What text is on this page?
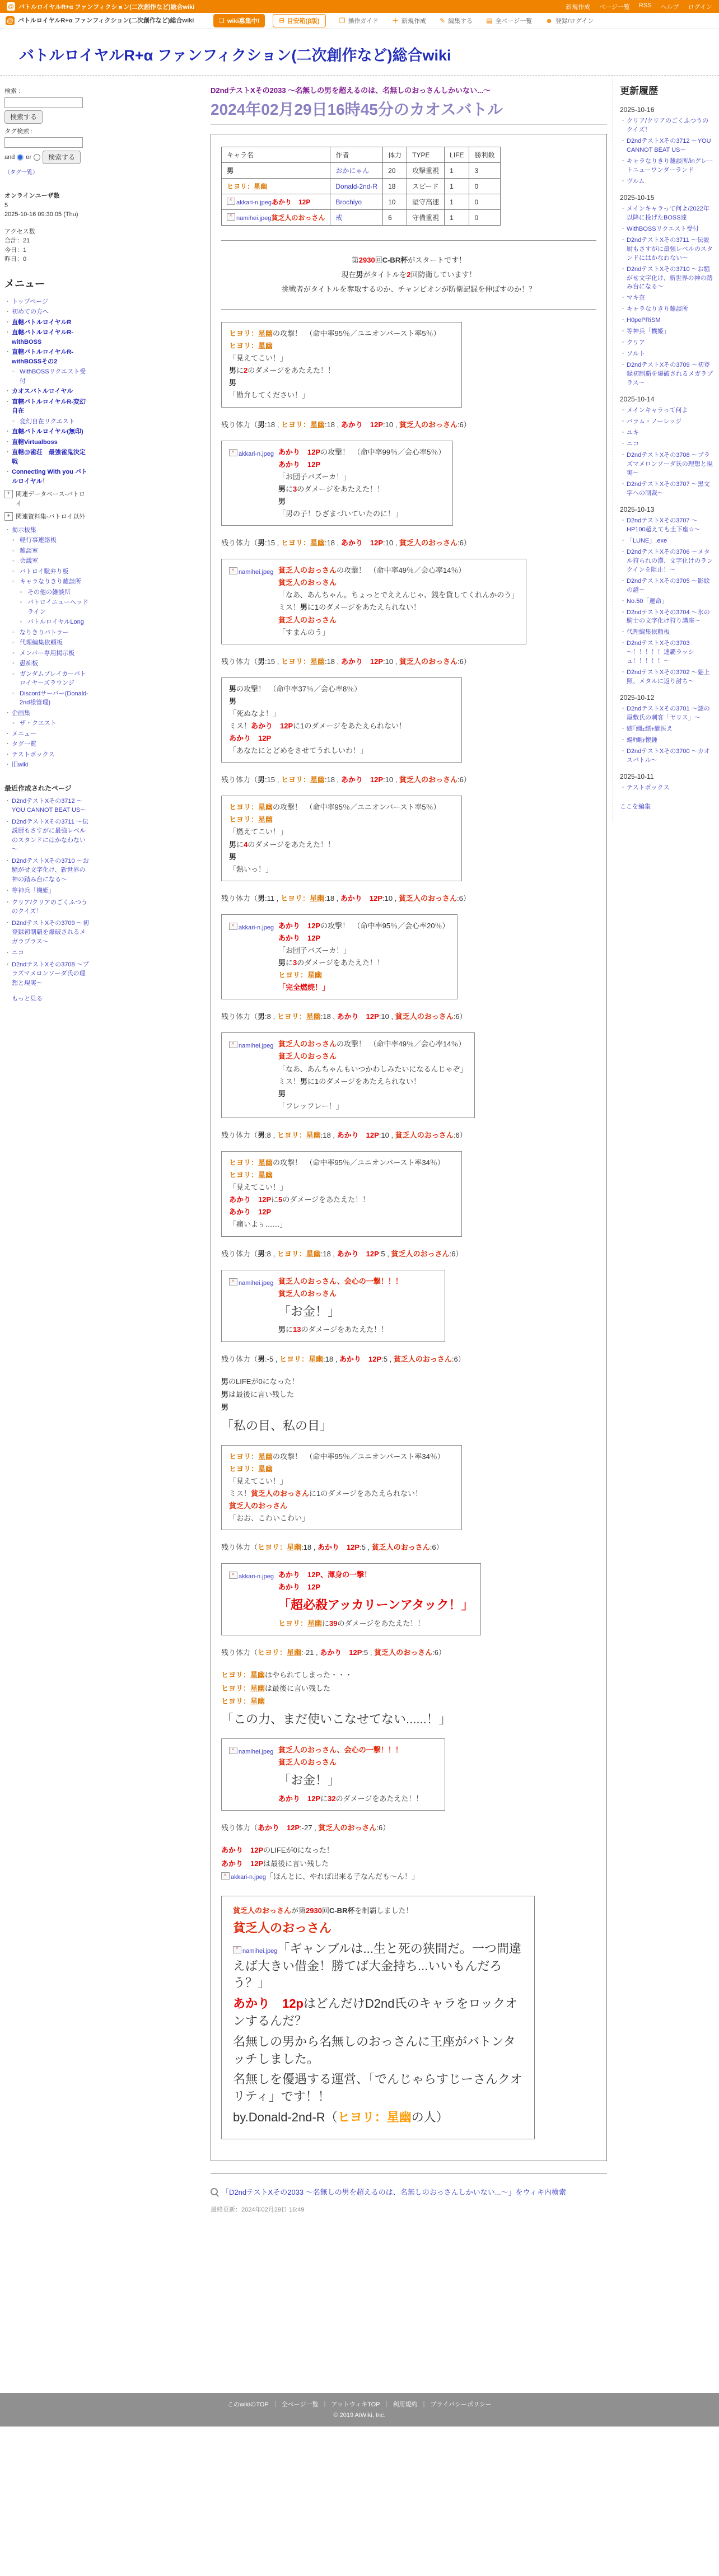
@ バトルロイヤルR+α ファンフィクション(二次創作など)総合wiki	新規作成 ページ一覧 RSS ヘルプ ログイン
@ バトルロイヤルR+α ファンフィクション(二次創作など)総合wiki	❏ wiki募集中!	⊟ 目安箱(β版)	❐ 操作ガイド ＋ 新規作成 ✎ 編集する ▤ 全ページ一覧 ☻ 登録/ログイン
バトルロイヤルR+α ファンフィクション(二次創作など)総合wiki
検索 :
検索する
タグ検索 :
and or	検索する
（タグ一覧）
オンラインユーザ数
5
2025-10-16 09:30:05 (Thu)
アクセス数
合計：21
今日：1
昨日：0
メニュー
・ トップページ
・ 初めての方へ
・ 直轄バトルロイヤルR
・ 直轄バトルロイヤルR-withBOSS
・ 直轄バトルロイヤルR-withBOSSその2
◦ WithBOSSリクエスト受付
・ カオスバトルロイヤル
・ 直轄バトルロイヤルR-変幻自在
◦ 変幻自在リクエスト
・ 直轄バトルロイヤル(無印)
・ 直轄Virtualboss
・ 直轄@雀荘　最強雀鬼決定戦
・ Connecting With you バトルロイヤル！
+ 関連データベース-バトロイ
+ 関連資料集-バトロイ以外
・ 掲示板集
◦ 軽行事連絡板
◦ 雑談室
◦ 会議室
◦ バトロイ駄弁り板
◦ キャラなりきり雑談所
▪ その他の雑談所
▪ バトロイニューヘッドライン
▪ バトルロイヤルLong
◦ なりきりバトラー
◦ 代理編集依頼板
◦ メンバー専用掲示板
◦ 愚痴板
◦ ガンダムブレイカーバトロイヤーズラウンジ
◦ Discordサーバー(Donald-2nd様管理)
・ 企画集
◦ ザ・クエスト
・ メニュー
・ タグ一覧
・ テストボックス
・ 旧wiki
最近作成されたページ
・ D2ndテストXその3712 ～YOU CANNOT BEAT US～
・ D2ndテストXその3711 ～伝説厨もさすがに最強レベルのスタンドにはかなわない～
・ D2ndテストXその3710 ～お騒がせ文字化け、新世界の神の踏み台になる～
・ 等神兵「機姫」
・ クリア/クリアのごくふつうのクイズ！
・ D2ndテストXその3709 ～初登録初制覇を爆破されるメガラプラス～
・ ニコ
・ D2ndテストXその3708 ～プラズマメロンソーダ氏の理想と現実～
もっと見る
D2ndテストXその2033 ～名無しの男を超えるのは、名無しのおっさんしかいない...～
2024年02月29日16時45分のカオスバトル
キャラ名	作者	体力	TYPE	LIFE	勝利数
男	おかにゃん	20	攻撃重視	1	3
ヒヨリ：星幽	Donald-2nd-R	18	スピード	1	0
✕akkari-n.jpegあかり　12P	Brochiyo	10	堅守高速	1	0
✕namihei.jpeg貧乏人のおっさん	戒	6	守備重視	1	0
第2930回C-BR杯がスタートです！
現在男がタイトルを2回防衛しています！
挑戦者がタイトルを奪取するのか、チャンピオンが防衛記録を伸ばすのか！？
ヒヨリ：星幽の攻撃！　（命中率95％／ユニオンバースト率5％）
ヒヨリ：星幽
「見えてこい！」
男に2のダメージをあたえた！！
男
「勘弁してください！」
残り体力（男:18 , ヒヨリ：星幽:18 , あかり　12P:10 , 貧乏人のおっさん:6）
✕akkari-n.jpeg あかり　12Pの攻撃！　（命中率99％／会心率5％）
あかり　12P
「お団子バズーカ！」
男に3のダメージをあたえた！！
男
「男の子！ひざまづいていたのに！」
残り体力（男:15 , ヒヨリ：星幽:18 , あかり　12P:10 , 貧乏人のおっさん:6）
✕namihei.jpeg 貧乏人のおっさんの攻撃！　（命中率49％／会心率14％）
貧乏人のおっさん
「なあ、あんちゃん。ちょっとでええんじゃ、銭を貸してくれんかのう」
ミス！男に1のダメージをあたえられない！
貧乏人のおっさん
「すまんのう」
残り体力（男:15 , ヒヨリ：星幽:18 , あかり　12P:10 , 貧乏人のおっさん:6）
男の攻撃！　（命中率37％／会心率8％）
男
「死ぬなよ！」
ミス！あかり　12Pに1のダメージをあたえられない！
あかり　12P
「あなたにとどめをさせてうれしいわ！」
残り体力（男:15 , ヒヨリ：星幽:18 , あかり　12P:10 , 貧乏人のおっさん:6）
ヒヨリ：星幽の攻撃！　（命中率95％／ユニオンバースト率5％）
ヒヨリ：星幽
「燃えてこい！」
男に4のダメージをあたえた！！
男
「熱いっ！」
残り体力（男:11 , ヒヨリ：星幽:18 , あかり　12P:10 , 貧乏人のおっさん:6）
✕akkari-n.jpeg あかり　12Pの攻撃！　（命中率95％／会心率20％）
あかり　12P
「お団子バズーカ！」
男に3のダメージをあたえた！！
ヒヨリ：星幽
「完全燃焼！」
残り体力（男:8 , ヒヨリ：星幽:18 , あかり　12P:10 , 貧乏人のおっさん:6）
✕namihei.jpeg 貧乏人のおっさんの攻撃！　（命中率49％／会心率14％）
貧乏人のおっさん
「なあ、あんちゃんもいつかわしみたいになるんじゃぞ」
ミス！男に1のダメージをあたえられない！
男
「フレッフレー！」
残り体力（男:8 , ヒヨリ：星幽:18 , あかり　12P:10 , 貧乏人のおっさん:6）
ヒヨリ：星幽の攻撃！　（命中率95％／ユニオンバースト率34％）
ヒヨリ：星幽
「見えてこい！」
あかり　12Pに5のダメージをあたえた！！
あかり　12P
「痛いよぅ……」
残り体力（男:8 , ヒヨリ：星幽:18 , あかり　12P:5 , 貧乏人のおっさん:6）
✕namihei.jpeg 貧乏人のおっさん、会心の一撃！！！
貧乏人のおっさん
「お金！」
男に13のダメージをあたえた！！
残り体力（男:-5 , ヒヨリ：星幽:18 , あかり　12P:5 , 貧乏人のおっさん:6）
男のLIFEが0になった！
男は最後に言い残した
男
「私の目、私の目」
ヒヨリ：星幽の攻撃！　（命中率95％／ユニオンバースト率34％）
ヒヨリ：星幽
「見えてこい！」
ミス！貧乏人のおっさんに1のダメージをあたえられない！
貧乏人のおっさん
「おお、こわいこわい」
残り体力（ヒヨリ：星幽:18 , あかり　12P:5 , 貧乏人のおっさん:6）
✕akkari-n.jpeg あかり　12P、渾身の一撃！
あかり　12P
「超必殺アッカリーンアタック！」
ヒヨリ：星幽に39のダメージをあたえた！！
残り体力（ヒヨリ：星幽:-21 , あかり　12P:5 , 貧乏人のおっさん:6）
ヒヨリ：星幽はやられてしまった・・・
ヒヨリ：星幽は最後に言い残した
ヒヨリ：星幽
「この力、まだ使いこなせてない......！」
✕namihei.jpeg 貧乏人のおっさん、会心の一撃！！！
貧乏人のおっさん
「お金！」
あかり　12Pに32のダメージをあたえた！！
残り体力（あかり　12P:-27 , 貧乏人のおっさん:6）
あかり　12PのLIFEが0になった！
あかり　12Pは最後に言い残した
✕akkari-n.jpeg「ほんとに、やれば出来る子なんだも〜ん！」
貧乏人のおっさんが第2930回C-BR杯を制覇しました！
貧乏人のおっさん
✕namihei.jpeg「ギャンブルは...生と死の狭間だ。一つ間違えば大きい借金！勝てば大金持ち...いいもんだろう？」
あかり　12pはどんだけD2nd氏のキャラをロックオンするんだ？
名無しの男から名無しのおっさんに王座がバトンタッチしました。
名無しを優遇する運営、「でんじゃらすじーさんクオリティ」です！！
by.Donald-2nd-R（ヒヨリ：星幽の人）
「D2ndテストXその2033 ～名無しの男を超えるのは、名無しのおっさんしかいない...～」をウィキ内検索
最終更新：2024年02月29日 16:49
更新履歴
2025-10-16
・ クリア/クリアのごくふつうのクイズ！
・ D2ndテストXその3712 ～YOU CANNOT BEAT US～
・ キャラなりきり雑談所/inグレートニューワンダーランド
・ ヴルム
2025-10-15
・ メインキャラって何よ/2022年以降に投げたBOSS達
・ WithBOSSリクエスト受付
・ D2ndテストXその3711 ～伝説厨もさすがに最強レベルのスタンドにはかなわない～
・ D2ndテストXその3710 ～お騒がせ文字化け、新世界の神の踏み台になる～
・ マキ奈
・ キャラなりきり雑談所
・ H0pePRiSM
・ 等神兵「機姫」
・ クリア
・ ソルト
・ D2ndテストXその3709 ～初登録初制覇を爆破されるメガラプラス～
2025-10-14
・ メインキャラって何よ
・ バラム・ノーレッジ
・ ユキ
・ ニコ
・ D2ndテストXその3708 ～プラズマメロンソーダ氏の理想と現実～
・ D2ndテストXその3707 ～黒文字への制裁～
2025-10-13
・ D2ndテストXその3707 ～HP100超えても土下座☆～
・ 「LUNE」.exe
・ D2ndテストXその3706 ～メタル狩られの漢、文字化けのランクインを阻止！～
・ D2ndテストXその3705 ～影絵の謎～
・ No.50「運命」
・ D2ndテストXその3704 ～氷の騎士の文字化け狩り講座～
・ 代理編集依頼板
・ D2ndテストXその3703 ～！！！！！連覇ラッシュ！！！！！～
・ D2ndテストXその3702 ～魅上　照、メタルに返り討ち～
2025-10-12
・ D2ndテストXその3701 ～謎の屋敷氏の刺客「ヤリス」～
・ 繧｢繝ｪ繧ｬ繝医え
・ 蝪ｻ蝿ｫ懷錘
・ D2ndテストXその3700 ～カオスバトル～
2025-10-11
・ テストボックス
ここを編集
このwikiのTOP ｜ 全ページ一覧 ｜ アットウィキTOP ｜ 利用規約 ｜ プライバシーポリシー
© 2019 AtWiki, Inc.
